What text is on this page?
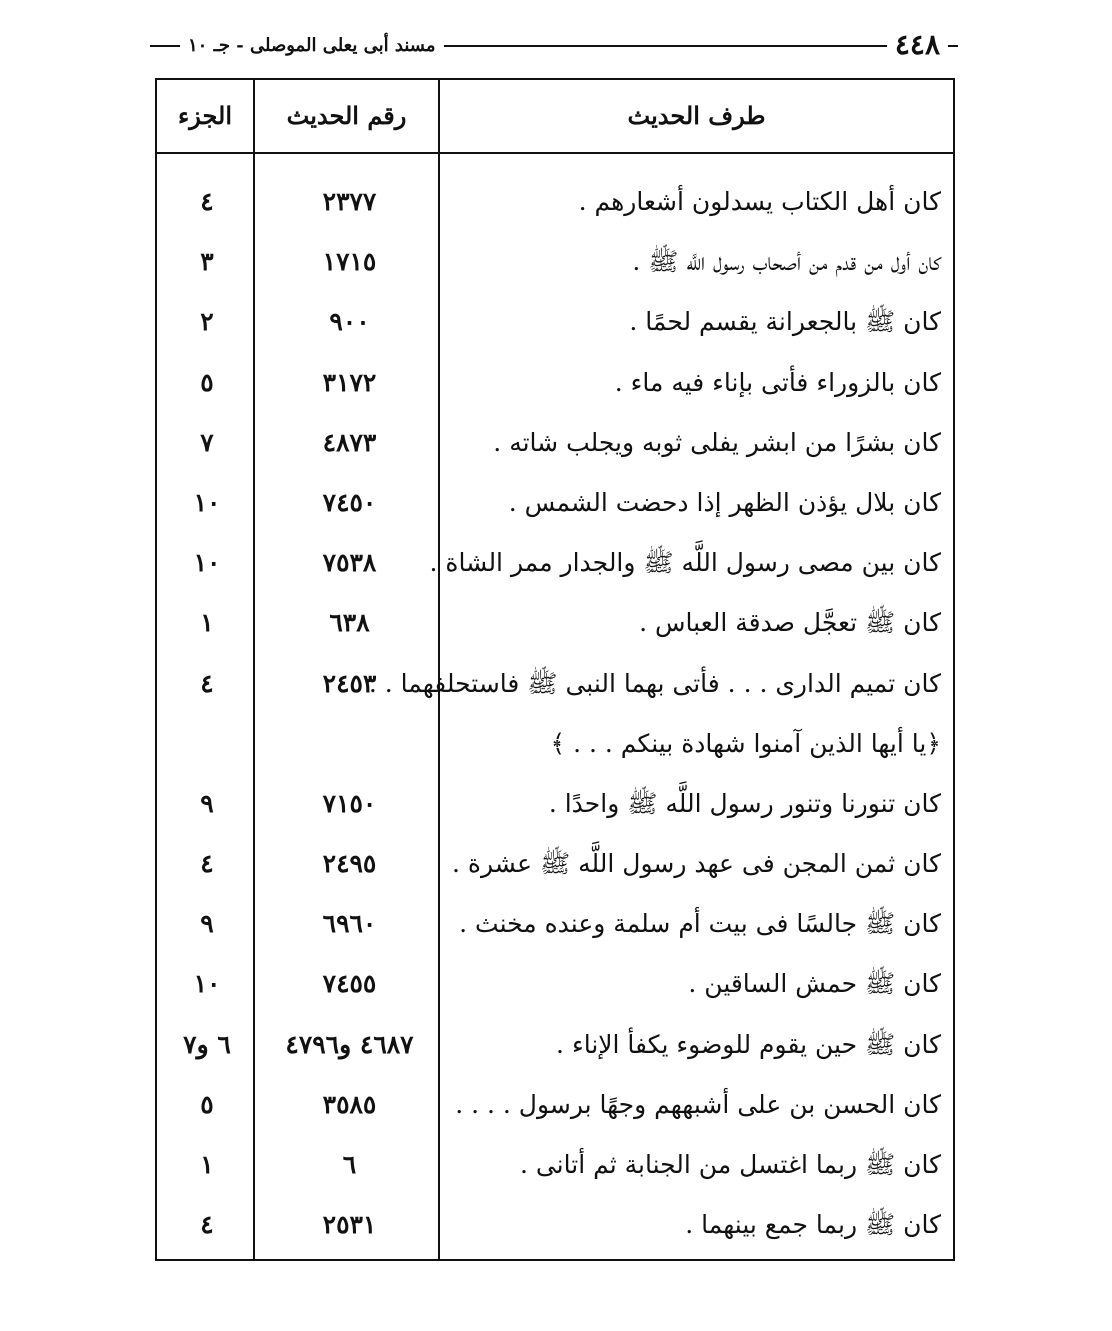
٤٤٨
مسند أبى يعلى الموصلى - جـ ١٠
طرف الحديث
رقم الحديث
الجزء
كان أهل الكتاب يسدلون أشعارهم .
٢٣٧٧
٤
كان أول من قدم من أصحاب رسول اللَّه ﷺ .
١٧١٥
٣
كان ﷺ بالجعرانة يقسم لحمًا .
٩٠٠
٢
كان بالزوراء فأتى بإناء فيه ماء .
٣١٧٢
٥
كان بشرًا من ابشر يفلى ثوبه ويجلب شاته .
٤٨٧٣
٧
كان بلال يؤذن الظهر إذا دحضت الشمس .
٧٤٥٠
١٠
كان بين مصى رسول اللَّه ﷺ والجدار ممر الشاة .
٧٥٣٨
١٠
كان ﷺ تعجَّل صدقة العباس .
٦٣٨
١
كان تميم الدارى . . . فأتى بهما النبى ﷺ فاستحلفهما . .
٢٤٥٣
٤
﴿يا أيها الذين آمنوا شهادة بينكم . . . ﴾
كان تنورنا وتنور رسول اللَّه ﷺ واحدًا .
٧١٥٠
٩
كان ثمن المجن فى عهد رسول اللَّه ﷺ عشرة .
٢٤٩٥
٤
كان ﷺ جالسًا فى بيت أم سلمة وعنده مخنث .
٦٩٦٠
٩
كان ﷺ حمش الساقين .
٧٤٥٥
١٠
كان ﷺ حين يقوم للوضوء يكفأ الإناء .
٤٦٨٧ و٤٧٩٦
٦ و٧
كان الحسن بن على أشبههم وجهًا برسول . . . .
٣٥٨٥
٥
كان ﷺ ربما اغتسل من الجنابة ثم أتانى .
٦
١
كان ﷺ ربما جمع بينهما .
٢٥٣١
٤
